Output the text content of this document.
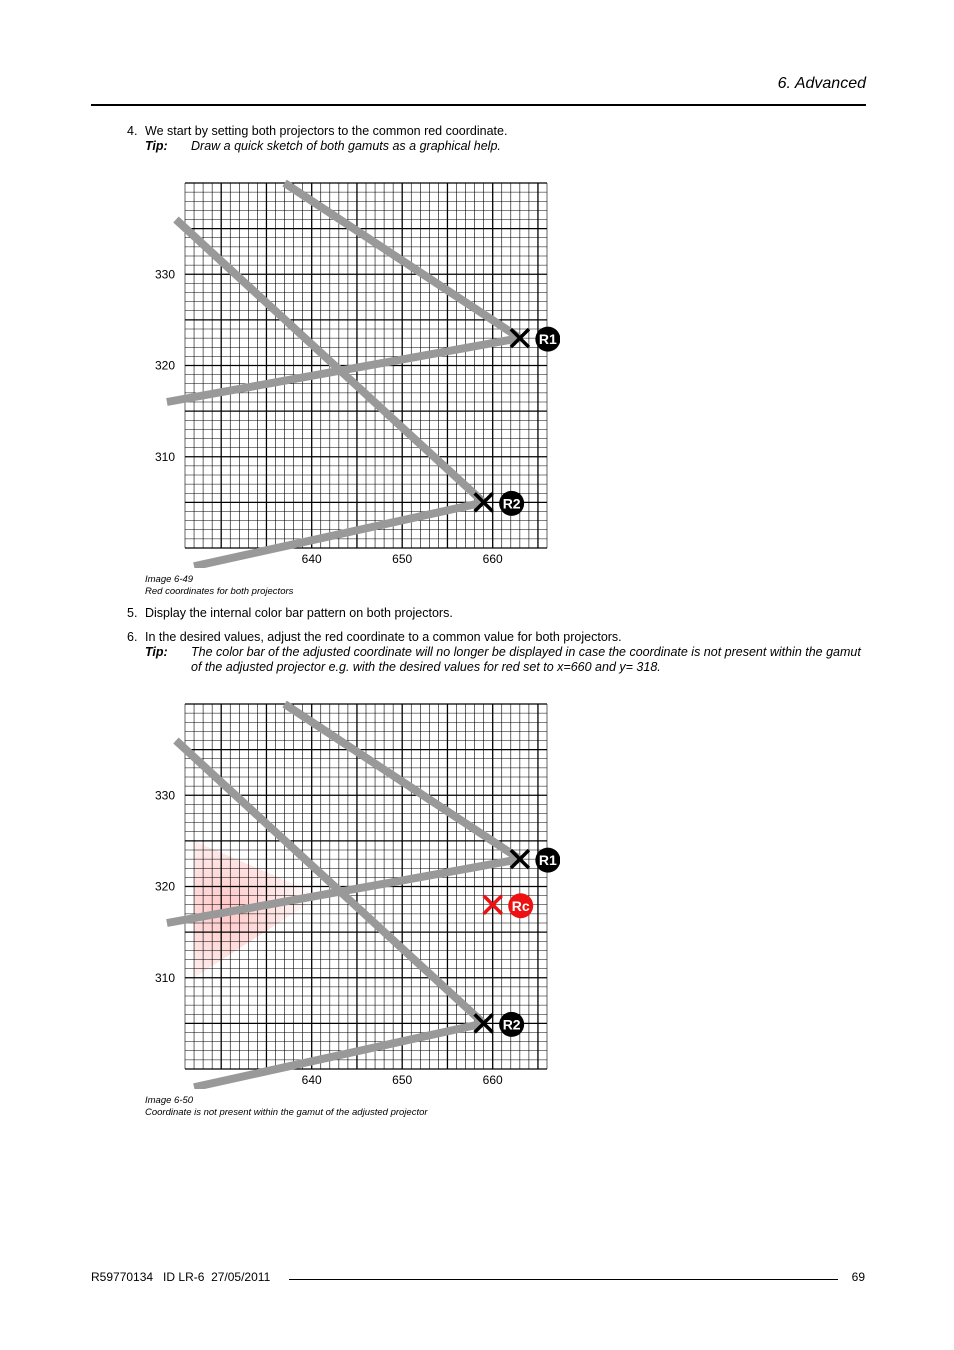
6. Advanced
4. We start by setting both projectors to the common red coordinate.
Tip: Draw a quick sketch of both gamuts as a graphical help.
640	650	660
330
320
310
R1
R2
Image 6-49
Red coordinates for both projectors
5. Display the internal color bar pattern on both projectors.
6. In the desired values, adjust the red coordinate to a common value for both projectors.
Tip: The color bar of the adjusted coordinate will no longer be displayed in case the coordinate is not present within the gamut of the adjusted projector e.g. with the desired values for red set to x=660 and y= 318.
640	650	660
330
320
310
R1
R2
Rc
Image 6-50
Coordinate is not present within the gamut of the adjusted projector
R59770134   ID LR-6  27/05/2011	69
